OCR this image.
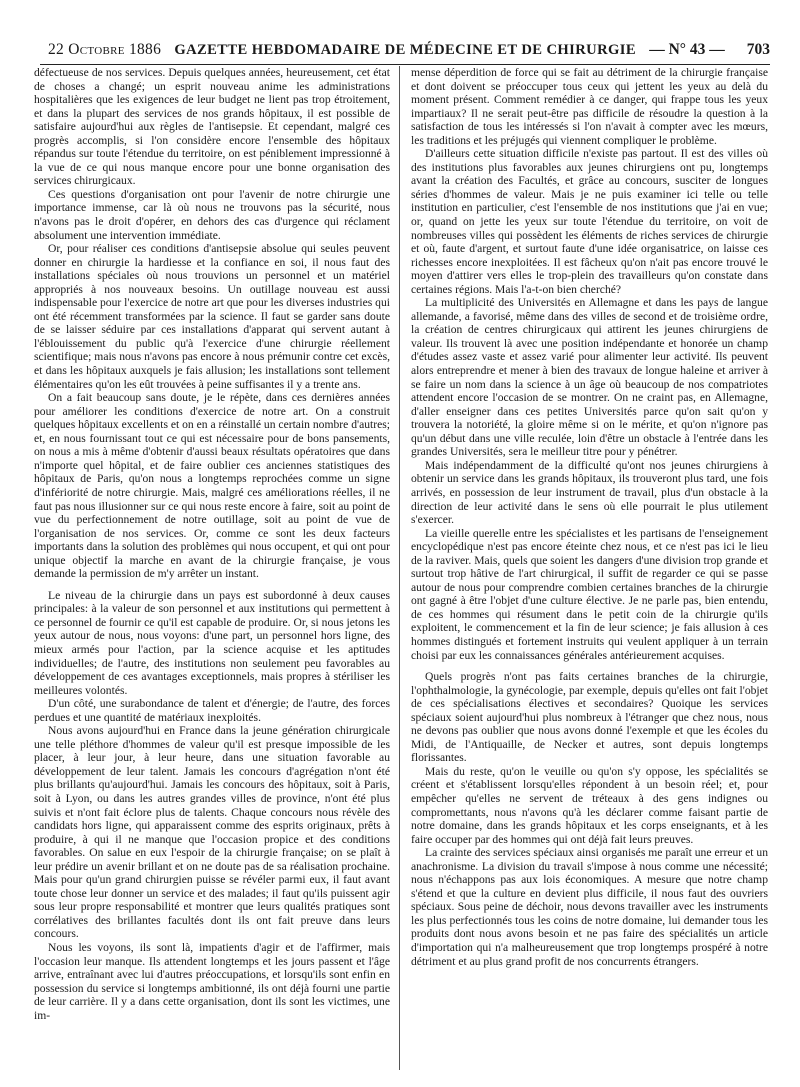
22 Octobre 1886 GAZETTE HEBDOMADAIRE DE MÉDECINE ET DE CHIRURGIE — N° 43 — 703

défectueuse de nos services. Depuis quelques années, heureusement, cet état de choses a changé; un esprit nouveau anime les administrations hospitalières que les exigences de leur budget ne lient pas trop étroitement, et dans la plupart des services de nos grands hôpitaux, il est possible de satisfaire aujourd'hui aux règles de l'antisepsie. Et cependant, malgré ces progrès accomplis, si l'on considère encore l'ensemble des hôpitaux répandus sur toute l'étendue du territoire, on est péniblement impressionné à la vue de ce qui nous manque encore pour une bonne organisation des services chirurgicaux.

Ces questions d'organisation ont pour l'avenir de notre chirurgie une importance immense, car là où nous ne trouvons pas la sécurité, nous n'avons pas le droit d'opérer, en dehors des cas d'urgence qui réclament absolument une intervention immédiate.

Or, pour réaliser ces conditions d'antisepsie absolue qui seules peuvent donner en chirurgie la hardiesse et la confiance en soi, il nous faut des installations spéciales où nous trouvions un personnel et un matériel appropriés à nos nouveaux besoins. Un outillage nouveau est aussi indispensable pour l'exercice de notre art que pour les diverses industries qui ont été récemment transformées par la science. Il faut se garder sans doute de se laisser séduire par ces installations d'apparat qui servent autant à l'éblouissement du public qu'à l'exercice d'une chirurgie réellement scientifique; mais nous n'avons pas encore à nous prémunir contre cet excès, et dans les hôpitaux auxquels je fais allusion; les installations sont tellement élémentaires qu'on les eût trouvées à peine suffisantes il y a trente ans.

On a fait beaucoup sans doute, je le répète, dans ces dernières années pour améliorer les conditions d'exercice de notre art. On a construit quelques hôpitaux excellents et on en a réinstallé un certain nombre d'autres; et, en nous fournissant tout ce qui est nécessaire pour de bons pansements, on nous a mis à même d'obtenir d'aussi beaux résultats opératoires que dans n'importe quel hôpital, et de faire oublier ces anciennes statistiques des hôpitaux de Paris, qu'on nous a longtemps reprochées comme un signe d'infériorité de notre chirurgie. Mais, malgré ces améliorations réelles, il ne faut pas nous illusionner sur ce qui nous reste encore à faire, soit au point de vue du perfectionnement de notre outillage, soit au point de vue de l'organisation de nos services. Or, comme ce sont les deux facteurs importants dans la solution des problèmes qui nous occupent, et qui ont pour unique objectif la marche en avant de la chirurgie française, je vous demande la permission de m'y arrêter un instant.

Le niveau de la chirurgie dans un pays est subordonné à deux causes principales: à la valeur de son personnel et aux institutions qui permettent à ce personnel de fournir ce qu'il est capable de produire. Or, si nous jetons les yeux autour de nous, nous voyons: d'une part, un personnel hors ligne, des mieux armés pour l'action, par la science acquise et les aptitudes individuelles; de l'autre, des institutions non seulement peu favorables au développement de ces avantages exceptionnels, mais propres à stériliser les meilleures volontés.

D'un côté, une surabondance de talent et d'énergie; de l'autre, des forces perdues et une quantité de matériaux inexploités.

Nous avons aujourd'hui en France dans la jeune génération chirurgicale une telle pléthore d'hommes de valeur qu'il est presque impossible de les placer, à leur jour, à leur heure, dans une situation favorable au développement de leur talent. Jamais les concours d'agrégation n'ont été plus brillants qu'aujourd'hui. Jamais les concours des hôpitaux, soit à Paris, soit à Lyon, ou dans les autres grandes villes de province, n'ont été plus suivis et n'ont fait éclore plus de talents. Chaque concours nous révèle des candidats hors ligne, qui apparaissent comme des esprits originaux, prêts à produire, à qui il ne manque que l'occasion propice et des conditions favorables. On salue en eux l'espoir de la chirurgie française; on se plaît à leur prédire un avenir brillant et on ne doute pas de sa réalisation prochaine. Mais pour qu'un grand chirurgien puisse se révéler parmi eux, il faut avant toute chose leur donner un service et des malades; il faut qu'ils puissent agir sous leur propre responsabilité et montrer que leurs qualités pratiques sont corrélatives des brillantes facultés dont ils ont fait preuve dans leurs concours.

Nous les voyons, ils sont là, impatients d'agir et de l'affirmer, mais l'occasion leur manque. Ils attendent longtemps et les jours passent et l'âge arrive, entraînant avec lui d'autres préoccupations, et lorsqu'ils sont enfin en possession du service si longtemps ambitionné, ils ont déjà fourni une partie de leur carrière. Il y a dans cette organisation, dont ils sont les victimes, une im-

mense déperdition de force qui se fait au détriment de la chirurgie française et dont doivent se préoccuper tous ceux qui jettent les yeux au delà du moment présent. Comment remédier à ce danger, qui frappe tous les yeux impartiaux? Il ne serait peut-être pas difficile de résoudre la question à la satisfaction de tous les intéressés si l'on n'avait à compter avec les mœurs, les traditions et les préjugés qui viennent compliquer le problème.

D'ailleurs cette situation difficile n'existe pas partout. Il est des villes où des institutions plus favorables aux jeunes chirurgiens ont pu, longtemps avant la création des Facultés, et grâce au concours, susciter de longues séries d'hommes de valeur. Mais je ne puis examiner ici telle ou telle institution en particulier, c'est l'ensemble de nos institutions que j'ai en vue; or, quand on jette les yeux sur toute l'étendue du territoire, on voit de nombreuses villes qui possèdent les éléments de riches services de chirurgie et où, faute d'argent, et surtout faute d'une idée organisatrice, on laisse ces richesses encore inexploitées. Il est fâcheux qu'on n'ait pas encore trouvé le moyen d'attirer vers elles le trop-plein des travailleurs qu'on constate dans certaines régions. Mais l'a-t-on bien cherché?

La multiplicité des Universités en Allemagne et dans les pays de langue allemande, a favorisé, même dans des villes de second et de troisième ordre, la création de centres chirurgicaux qui attirent les jeunes chirurgiens de valeur. Ils trouvent là avec une position indépendante et honorée un champ d'études assez vaste et assez varié pour alimenter leur activité. Ils peuvent alors entreprendre et mener à bien des travaux de longue haleine et arriver à se faire un nom dans la science à un âge où beaucoup de nos compatriotes attendent encore l'occasion de se montrer. On ne craint pas, en Allemagne, d'aller enseigner dans ces petites Universités parce qu'on sait qu'on y trouvera la notoriété, la gloire même si on le mérite, et qu'on n'ignore pas qu'un début dans une ville reculée, loin d'être un obstacle à l'entrée dans les grandes Universités, sera le meilleur titre pour y pénétrer.

Mais indépendamment de la difficulté qu'ont nos jeunes chirurgiens à obtenir un service dans les grands hôpitaux, ils trouveront plus tard, une fois arrivés, en possession de leur instrument de travail, plus d'un obstacle à la direction de leur activité dans le sens où elle pourrait le plus utilement s'exercer.

La vieille querelle entre les spécialistes et les partisans de l'enseignement encyclopédique n'est pas encore éteinte chez nous, et ce n'est pas ici le lieu de la raviver. Mais, quels que soient les dangers d'une division trop grande et surtout trop hâtive de l'art chirurgical, il suffit de regarder ce qui se passe autour de nous pour comprendre combien certaines branches de la chirurgie ont gagné à être l'objet d'une culture élective. Je ne parle pas, bien entendu, de ces hommes qui résument dans le petit coin de la chirurgie qu'ils exploitent, le commencement et la fin de leur science; je fais allusion à ces hommes distingués et fortement instruits qui veulent appliquer à un terrain choisi par eux les connaissances générales antérieurement acquises.

Quels progrès n'ont pas faits certaines branches de la chirurgie, l'ophthalmologie, la gynécologie, par exemple, depuis qu'elles ont fait l'objet de ces spécialisations électives et secondaires? Quoique les services spéciaux soient aujourd'hui plus nombreux à l'étranger que chez nous, nous ne devons pas oublier que nous avons donné l'exemple et que les écoles du Midi, de l'Antiquaille, de Necker et autres, sont depuis longtemps florissantes.

Mais du reste, qu'on le veuille ou qu'on s'y oppose, les spécialités se créent et s'établissent lorsqu'elles répondent à un besoin réel; et, pour empêcher qu'elles ne servent de tréteaux à des gens indignes ou compromettants, nous n'avons qu'à les déclarer comme faisant partie de notre domaine, dans les grands hôpitaux et les corps enseignants, et à les faire occuper par des hommes qui ont déjà fait leurs preuves.

La crainte des services spéciaux ainsi organisés me paraît une erreur et un anachronisme. La division du travail s'impose à nous comme une nécessité; nous n'échappons pas aux lois économiques. A mesure que notre champ s'étend et que la culture en devient plus difficile, il nous faut des ouvriers spéciaux. Sous peine de déchoir, nous devons travailler avec les instruments les plus perfectionnés tous les coins de notre domaine, lui demander tous les produits dont nous avons besoin et ne pas faire des spécialités un article d'importation qui n'a malheureusement que trop longtemps prospéré à notre détriment et au plus grand profit de nos concurrents étrangers.
